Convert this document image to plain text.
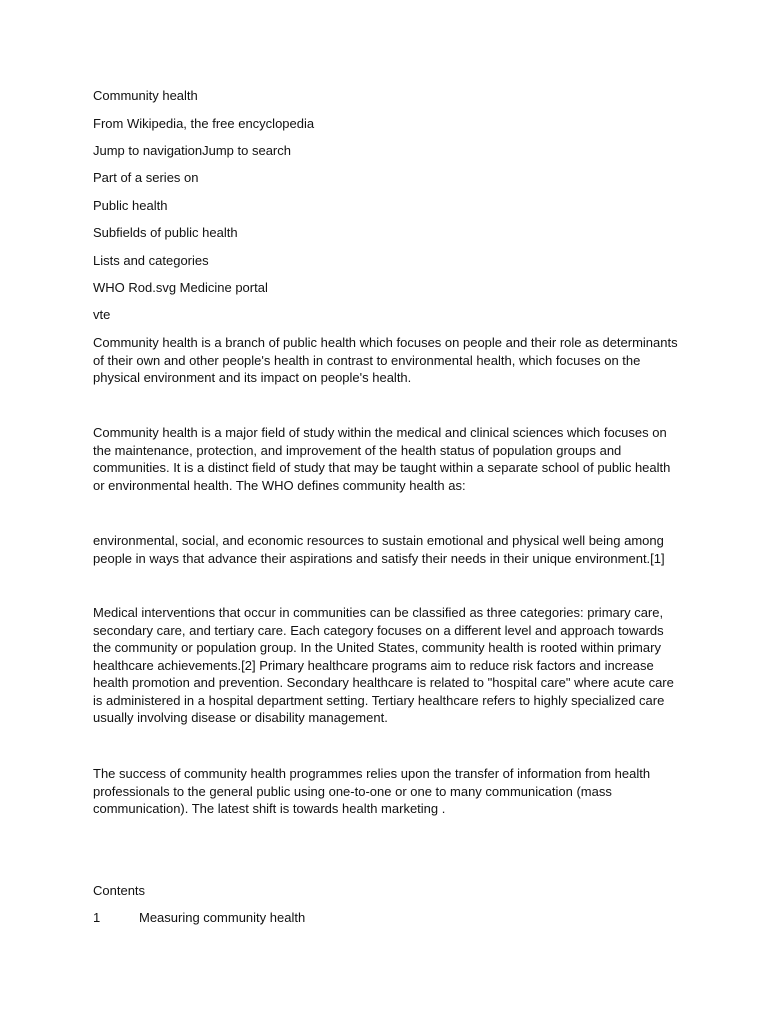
Community health
From Wikipedia, the free encyclopedia
Jump to navigationJump to search
Part of a series on
Public health
Subfields of public health
Lists and categories
WHO Rod.svg Medicine portal
vte
Community health is a branch of public health which focuses on people and their role as determinants of their own and other people's health in contrast to environmental health, which focuses on the physical environment and its impact on people's health.
Community health is a major field of study within the medical and clinical sciences which focuses on the maintenance, protection, and improvement of the health status of population groups and communities. It is a distinct field of study that may be taught within a separate school of public health or environmental health. The WHO defines community health as:
environmental, social, and economic resources to sustain emotional and physical well being among people in ways that advance their aspirations and satisfy their needs in their unique environment.[1]
Medical interventions that occur in communities can be classified as three categories: primary care, secondary care, and tertiary care. Each category focuses on a different level and approach towards the community or population group. In the United States, community health is rooted within primary healthcare achievements.[2] Primary healthcare programs aim to reduce risk factors and increase health promotion and prevention. Secondary healthcare is related to "hospital care" where acute care is administered in a hospital department setting. Tertiary healthcare refers to highly specialized care usually involving disease or disability management.
The success of community health programmes relies upon the transfer of information from health professionals to the general public using one-to-one or one to many communication (mass communication). The latest shift is towards health marketing .
Contents
1	Measuring community health
